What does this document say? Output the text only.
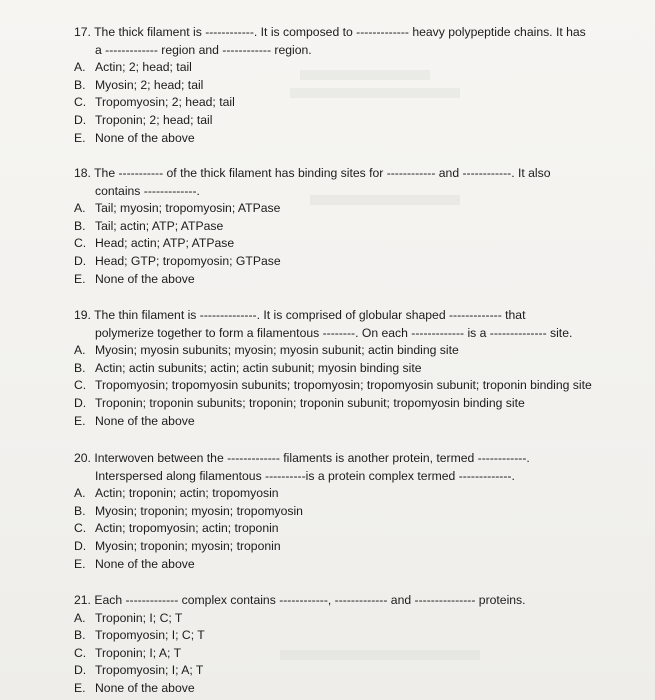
17. The thick filament is ------------. It is composed to ------------- heavy polypeptide chains. It has
a ------------- region and ------------ region.
A. Actin; 2; head; tail
B. Myosin; 2; head; tail
C. Tropomyosin; 2; head; tail
D. Troponin; 2; head; tail
E. None of the above
18. The ----------- of the thick filament has binding sites for ------------ and ------------. It also
contains -------------.
A. Tail; myosin; tropomyosin; ATPase
B. Tail; actin; ATP; ATPase
C. Head; actin; ATP; ATPase
D. Head; GTP; tropomyosin; GTPase
E. None of the above
19. The thin filament is --------------. It is comprised of globular shaped ------------- that
polymerize together to form a filamentous --------. On each ------------- is a -------------- site.
A. Myosin; myosin subunits; myosin; myosin subunit; actin binding site
B. Actin; actin subunits; actin; actin subunit; myosin binding site
C. Tropomyosin; tropomyosin subunits; tropomyosin; tropomyosin subunit; troponin binding site
D. Troponin; troponin subunits; troponin; troponin subunit; tropomyosin binding site
E. None of the above
20. Interwoven between the ------------- filaments is another protein, termed ------------.
Interspersed along filamentous ----------is a protein complex termed -------------.
A. Actin; troponin; actin; tropomyosin
B. Myosin; troponin; myosin; tropomyosin
C. Actin; tropomyosin; actin; troponin
D. Myosin; troponin; myosin; troponin
E. None of the above
21. Each ------------- complex contains ------------, ------------- and --------------- proteins.
A. Troponin; I; C; T
B. Tropomyosin; I; C; T
C. Troponin; I; A; T
D. Tropomyosin; I; A; T
E. None of the above
